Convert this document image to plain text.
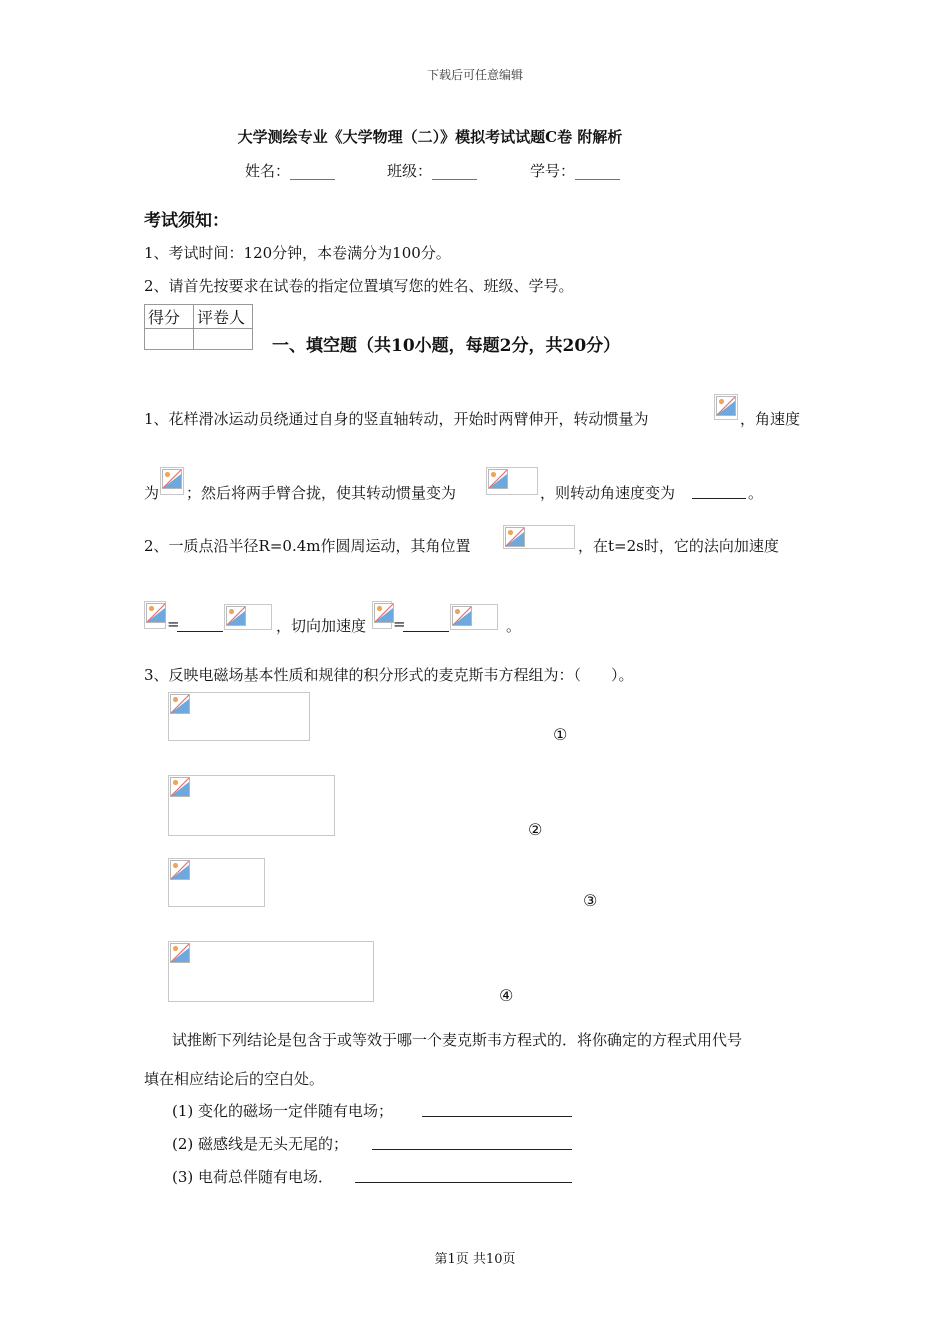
下载后可任意编辑
大学测绘专业《大学物理（二）》模拟考试试题C卷 附解析
姓名：______	班级：______	学号：______
考试须知：
1、考试时间：120分钟，本卷满分为100分。
2、请首先按要求在试卷的指定位置填写您的姓名、班级、学号。
得分	评卷人

一、填空题（共10小题，每题2分，共20分）
1、花样滑冰运动员绕通过自身的竖直轴转动，开始时两臂伸开，转动惯量为	，角速度
为 ；然后将两手臂合拢，使其转动惯量变为	，则转动角速度变为	。
2、一质点沿半径R=0.4m作圆周运动，其角位置	，在t=2s时，它的法向加速度
=	，切向加速度 =	。
3、反映电磁场基本性质和规律的积分形式的麦克斯韦方程组为：（　　）。
①
②
③
④
试推断下列结论是包含于或等效于哪一个麦克斯韦方程式的．将你确定的方程式用代号
填在相应结论后的空白处。
(1) 变化的磁场一定伴随有电场；
(2) 磁感线是无头无尾的；
(3) 电荷总伴随有电场．
第1页 共10页
